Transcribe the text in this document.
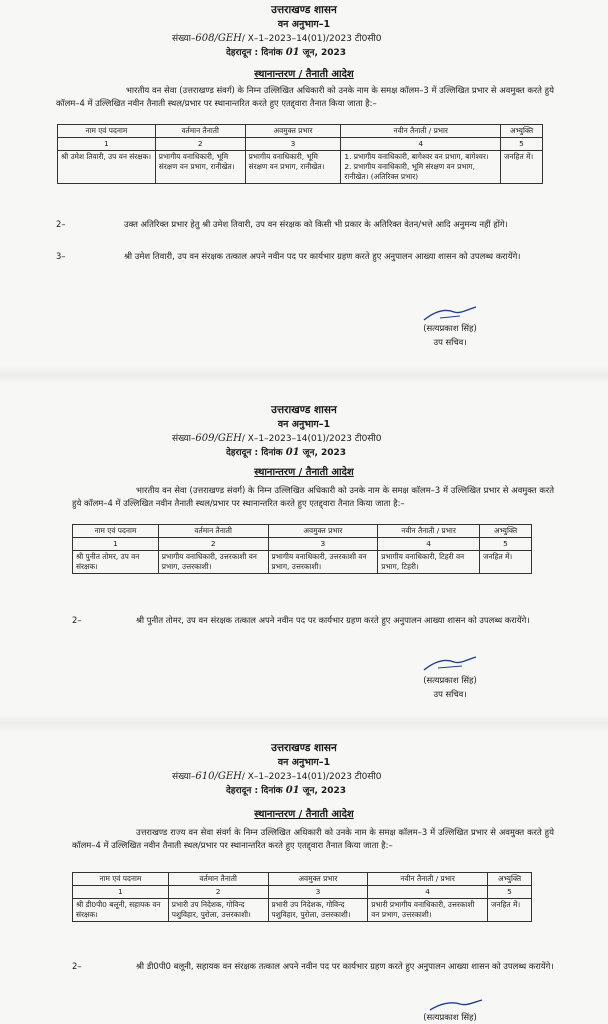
उत्तराखण्ड शासन
वन अनुभाग–1
संख्या–608/GEH/ X–1–2023–14(01)/2023 टी0सी0
देहरादून : दिनांक 01 जून, 2023
स्थानान्तरण / तैनाती आदेश
भारतीय वन सेवा (उत्तराखण्ड संवर्ग) के निम्न उल्लिखित अधिकारी को उनके नाम के समक्ष कॉलम–3 में उल्लिखित प्रभार से अवमुक्त करते हुये कॉलम–4 में उल्लिखित नवीन तैनाती स्थल/प्रभार पर स्थानान्तरित करते हुए एतद्द्वारा तैनात किया जाता है:–
नाम एवं पदनाम	वर्तमान तैनाती	अवमुक्त प्रभार	नवीन तैनाती / प्रभार	अभ्युक्ति
1	2	3	4	5
श्री उमेश तिवारी, उप वन संरक्षक।	प्रभागीय वनाधिकारी, भूमि संरक्षण वन प्रभाग, रानीखेत।	प्रभागीय वनाधिकारी, भूमि संरक्षण वन प्रभाग, रानीखेत।	1. प्रभागीय वनाधिकारी, बागेश्वर वन प्रभाग, बागेश्वर। 2. प्रभागीय वनाधिकारी, भूमि संरक्षण वन प्रभाग, रानीखेत। (अतिरिक्त प्रभार)	जनहित में।
2–	उक्त अतिरिक्त प्रभार हेतु श्री उमेश तिवारी, उप वन संरक्षक को किसी भी प्रकार के अतिरिक्त वेतन/भत्ते आदि अनुमन्य नहीं होंगे।
3–	श्री उमेश तिवारी, उप वन संरक्षक तत्काल अपने नवीन पद पर कार्यभार ग्रहण करते हुए अनुपालन आख्या शासन को उपलब्ध करायेंगे।
(सत्यप्रकाश सिंह)
उप सचिव।
उत्तराखण्ड शासन
वन अनुभाग–1
संख्या–609/GEH/ X–1–2023–14(01)/2023 टी0सी0
देहरादून : दिनांक 01 जून, 2023
स्थानान्तरण / तैनाती आदेश
भारतीय वन सेवा (उत्तराखण्ड संवर्ग) के निम्न उल्लिखित अधिकारी को उनके नाम के समक्ष कॉलम–3 में उल्लिखित प्रभार से अवमुक्त करते हुये कॉलम–4 में उल्लिखित नवीन तैनाती स्थल/प्रभार पर स्थानान्तरित करते हुए एतद्द्वारा तैनात किया जाता है:–
नाम एवं पदनाम	वर्तमान तैनाती	अवमुक्त प्रभार	नवीन तैनाती / प्रभार	अभ्युक्ति
1	2	3	4	5
श्री पुनीत तोमर, उप वन संरक्षक।	प्रभागीय वनाधिकारी, उत्तरकाशी वन प्रभाग, उत्तरकाशी।	प्रभागीय वनाधिकारी, उत्तरकाशी वन प्रभाग, उत्तरकाशी।	प्रभागीय वनाधिकारी, टिहरी वन प्रभाग, टिहरी।	जनहित में।
2–	श्री पुनीत तोमर, उप वन संरक्षक तत्काल अपने नवीन पद पर कार्यभार ग्रहण करते हुए अनुपालन आख्या शासन को उपलब्ध करायेंगे।
(सत्यप्रकाश सिंह)
उप सचिव।
उत्तराखण्ड शासन
वन अनुभाग–1
संख्या–610/GEH/ X–1–2023–14(01)/2023 टी0सी0
देहरादून : दिनांक 01 जून, 2023
स्थानान्तरण / तैनाती आदेश
उत्तराखण्ड राज्य वन सेवा संवर्ग के निम्न उल्लिखित अधिकारी को उनके नाम के समक्ष कॉलम–3 में उल्लिखित प्रभार से अवमुक्त करते हुये कॉलम–4 में उल्लिखित नवीन तैनाती स्थल/प्रभार पर स्थानान्तरित करते हुए एतद्द्वारा तैनात किया जाता है:–
नाम एवं पदनाम	वर्तमान तैनाती	अवमुक्त प्रभार	नवीन तैनाती / प्रभार	अभ्युक्ति
1	2	3	4	5
श्री डी0पी0 बलूनी, सहायक वन संरक्षक।	प्रभारी उप निदेशक, गोविन्द पशुविहार, पुरोला, उत्तरकाशी।	प्रभारी उप निदेशक, गोविन्द पशुविहार, पुरोला, उत्तरकाशी।	प्रभारी प्रभागीय वनाधिकारी, उत्तरकाशी वन प्रभाग, उत्तरकाशी।	जनहित में।
2–	श्री डी0पी0 बलूनी, सहायक वन संरक्षक तत्काल अपने नवीन पद पर कार्यभार ग्रहण करते हुए अनुपालन आख्या शासन को उपलब्ध करायेंगे।
(सत्यप्रकाश सिंह)
